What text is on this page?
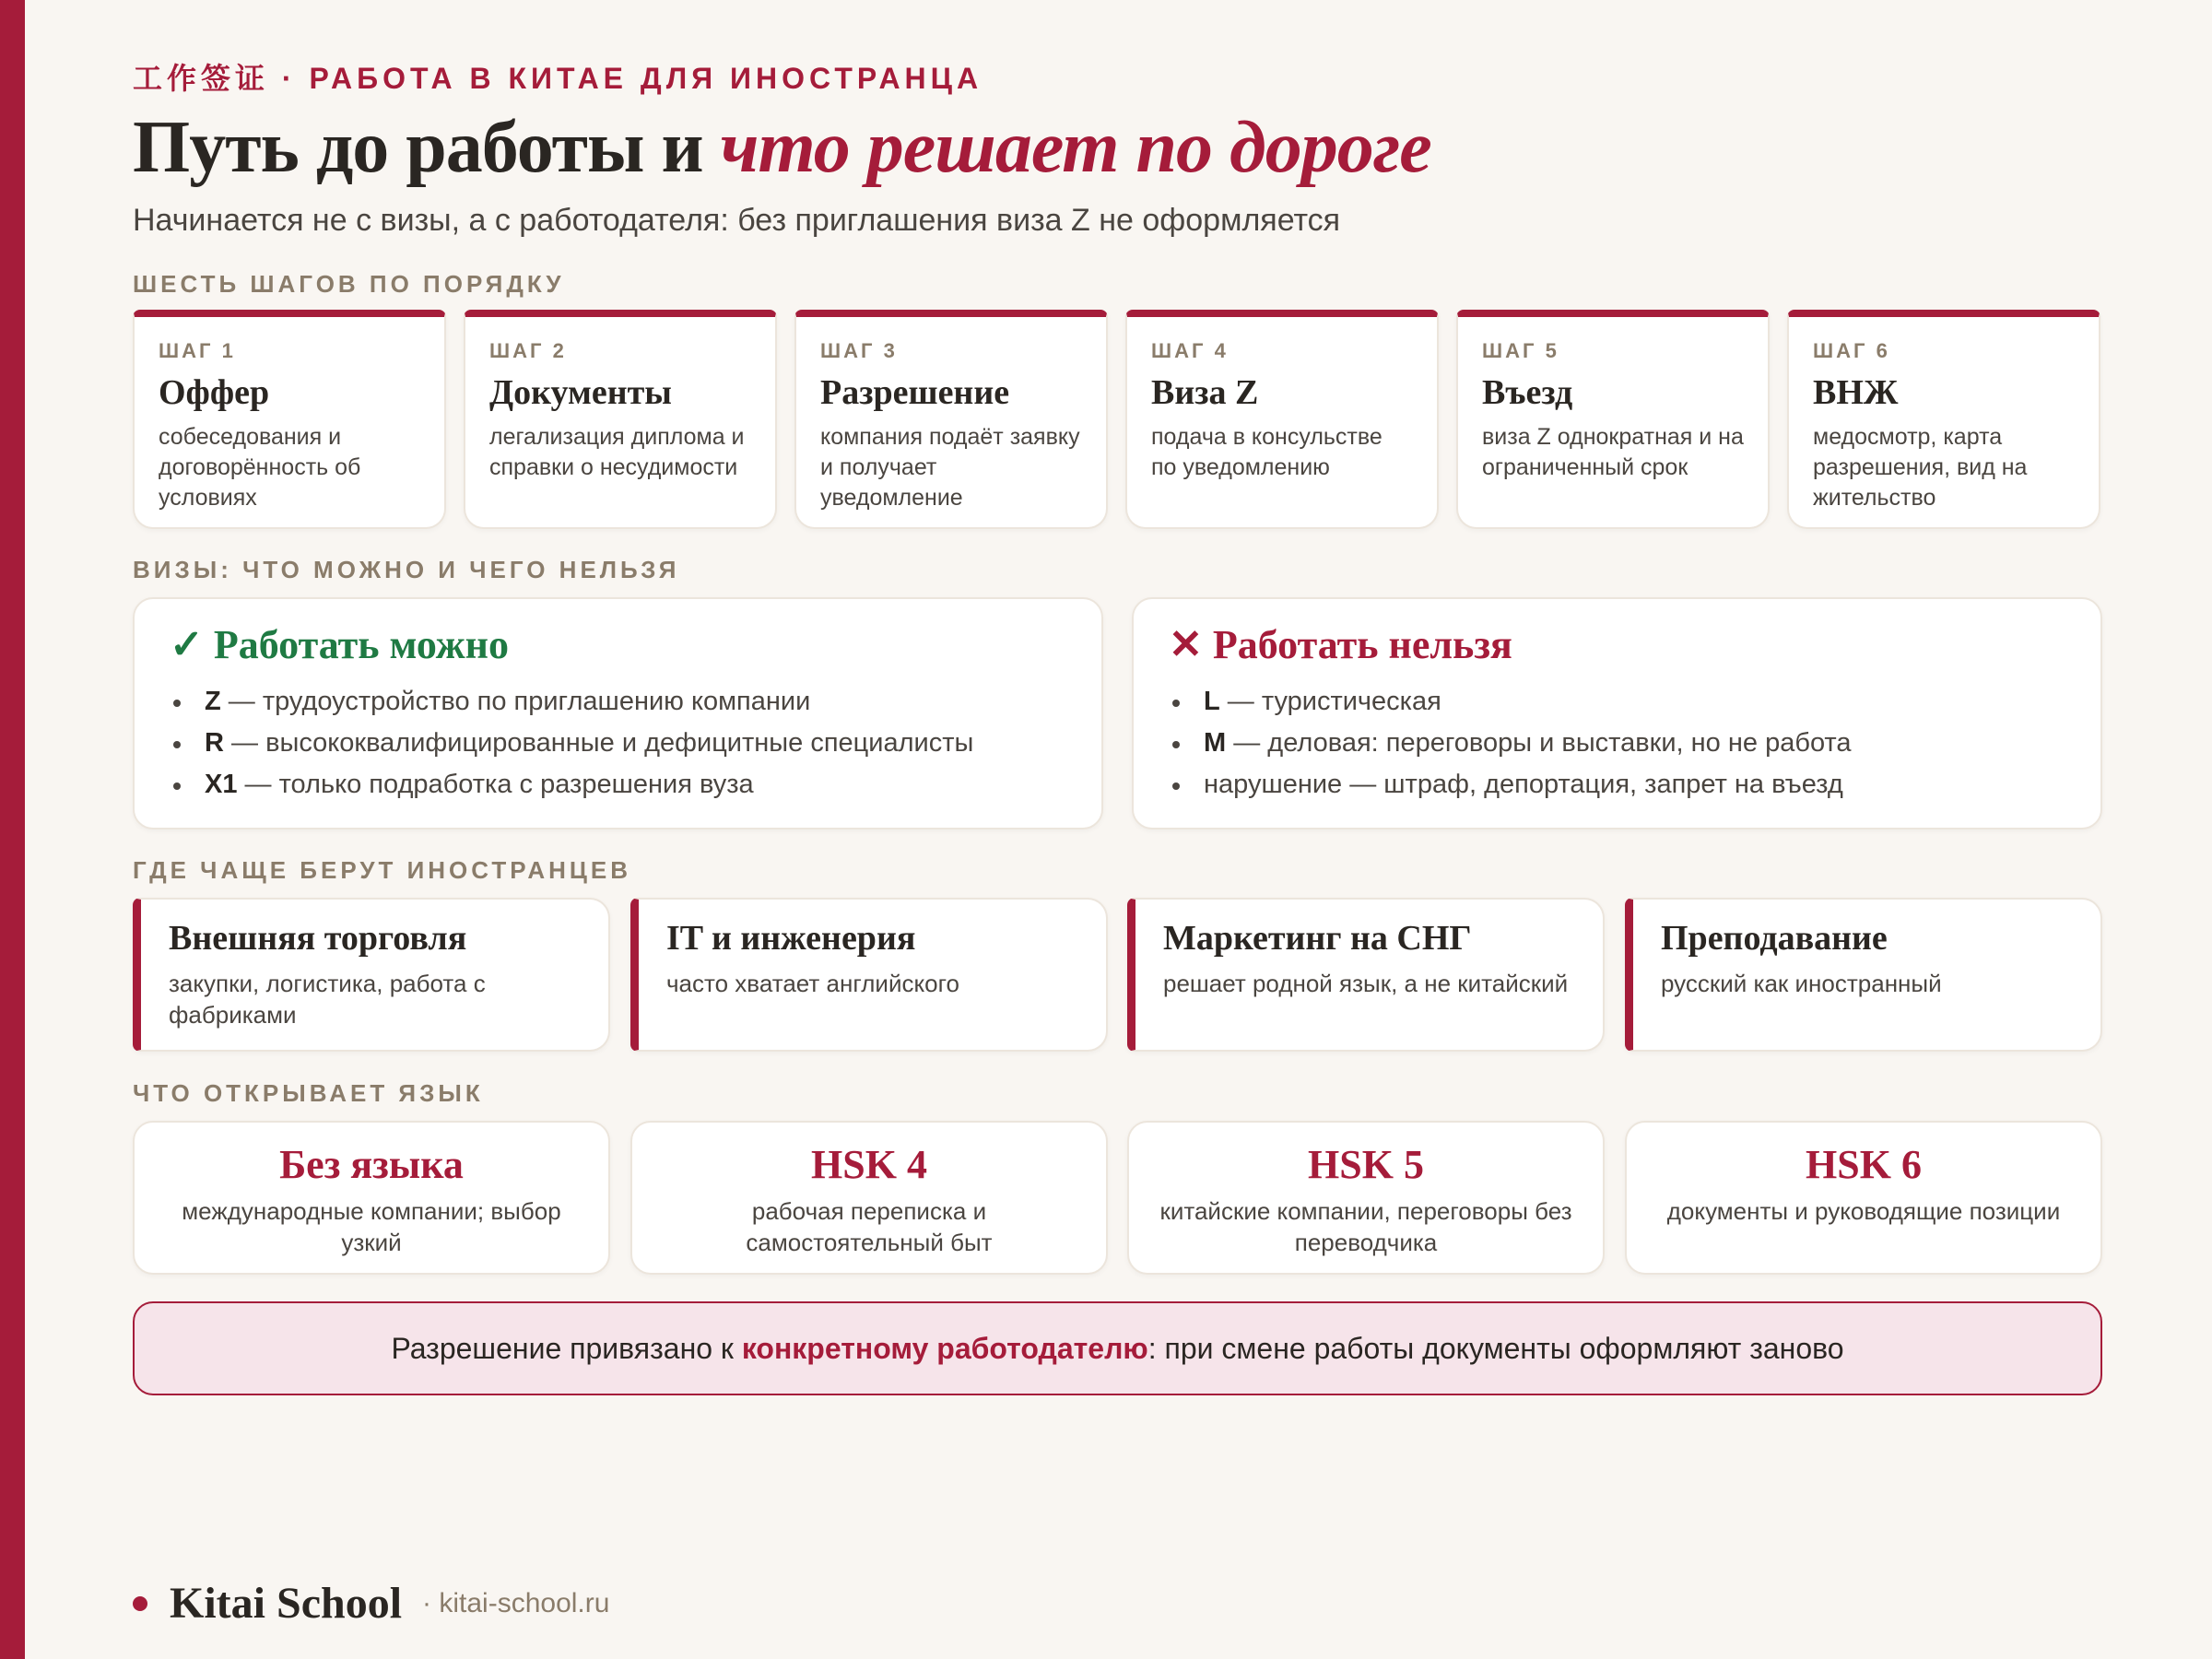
工作签证 · РАБОТА В КИТАЕ ДЛЯ ИНОСТРАНЦА
Путь до работы и что решает по дороге
Начинается не с визы, а с работодателя: без приглашения виза Z не оформляется
ШЕСТЬ ШАГОВ ПО ПОРЯДКУ
ШАГ 1
Оффер
собеседования и договорённость об условиях
ШАГ 2
Документы
легализация диплома и справки о несудимости
ШАГ 3
Разрешение
компания подаёт заявку и получает уведомление
ШАГ 4
Виза Z
подача в консульстве по уведомлению
ШАГ 5
Въезд
виза Z однократная и на ограниченный срок
ШАГ 6
ВНЖ
медосмотр, карта разрешения, вид на жительство
ВИЗЫ: ЧТО МОЖНО И ЧЕГО НЕЛЬЗЯ
✓ Работать можно
Z — трудоустройство по приглашению компании
R — высококвалифицированные и дефицитные специалисты
X1 — только подработка с разрешения вуза
✕ Работать нельзя
L — туристическая
M — деловая: переговоры и выставки, но не работа
нарушение — штраф, депортация, запрет на въезд
ГДЕ ЧАЩЕ БЕРУТ ИНОСТРАНЦЕВ
Внешняя торговля
закупки, логистика, работа с фабриками
IT и инженерия
часто хватает английского
Маркетинг на СНГ
решает родной язык, а не китайский
Преподавание
русский как иностранный
ЧТО ОТКРЫВАЕТ ЯЗЫК
Без языка
международные компании; выбор узкий
HSK 4
рабочая переписка и самостоятельный быт
HSK 5
китайские компании, переговоры без переводчика
HSK 6
документы и руководящие позиции
Разрешение привязано к конкретному работодателю : при смене работы документы оформляют заново
Kitai School · kitai-school.ru
